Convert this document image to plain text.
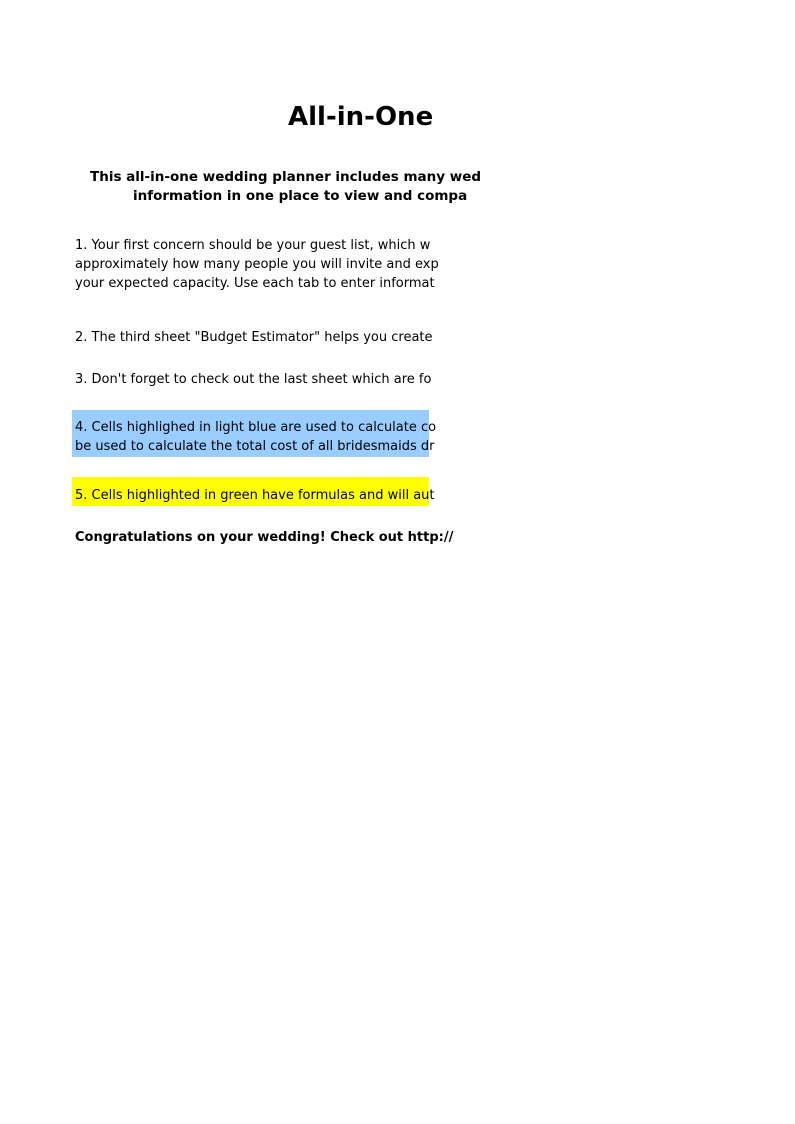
All-in-One
This all-in-one wedding planner includes many wed
information in one place to view and compa
1. Your first concern should be your guest list, which w
approximately how many people you will invite and exp
your expected capacity. Use each tab to enter informat
2. The third sheet "Budget Estimator" helps you create
3. Don't forget to check out the last sheet which are fo
4. Cells highlighed in light blue are used to calculate co
be used to calculate the total cost of all bridesmaids dr
5. Cells highlighted in green have formulas and will aut
Congratulations on your wedding! Check out http://
